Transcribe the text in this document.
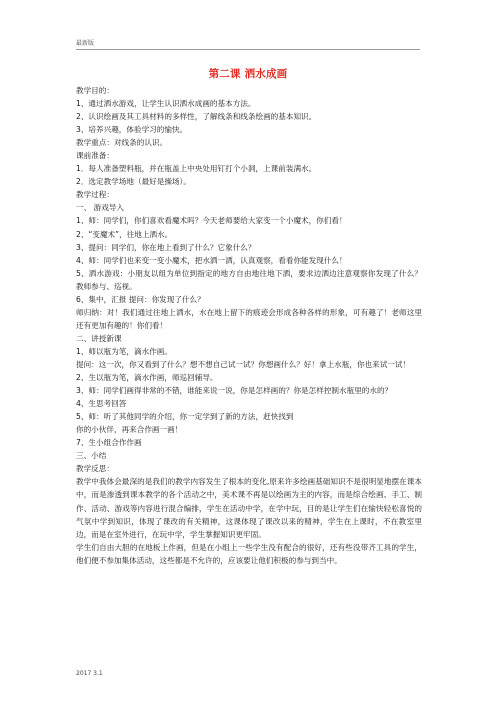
最新版
第二课 洒水成画
教学目的：
1、通过洒水游戏，让学生认识洒水成画的基本方法。
2、认识绘画及其工具材料的多样性，了解线条和线条绘画的基本知识。
3、培养兴趣，体验学习的愉快。
教学重点：对线条的认识。
课前准备：
1．每人准备塑料瓶，并在瓶盖上中央处用钉打个小洞，上课前装满水。
2．选定教学场地（最好是操场）。
教学过程：
一、 游戏导入
1、师：同学们，你们喜欢看魔术吗？今天老师要给大家变一个小魔术，你们看！
2、“变魔术”，往地上洒水。
3、提问：同学们，你在地上看到了什么？它象什么？
4、师：同学们也来变一变小魔术，把水洒一洒，认真观察，看看你能发现什么！
5、洒水游戏：小朋友以组为单位到指定的地方自由地往地下洒，要求边洒边注意观察你发现了什么？教师参与、巡视。
6、集中，汇报 提问：你发现了什么？
师归纳：对！我们通过往地上洒水，水在地上留下的痕迹会形成各种各样的形象，可有趣了！老师这里还有更加有趣的！你们看！
二、讲授新课
1、师以瓶为笔，滴水作画。
提问：这一次，你又看到了什么？想不想自己试一试？你想画什么？好！拿上水瓶，你也来试一试！
2、生以瓶为笔，滴水作画，师巡回辅导。
3、师：同学们画得非常的不错，谁能来说一说，你是怎样画的？你是怎样控制水瓶里的水的？
4、生思考回答
5、师：听了其他同学的介绍，你一定学到了新的方法，赶快找到
你的小伙伴，再来合作画一画！
7、生小组合作作画
三、小结
教学反思：
教学中我体会最深的是我们的教学内容发生了根本的变化,原来许多绘画基础知识不是很明显地摆在课本中，而是渗透到课本教学的各个活动之中，美术课不再是以绘画为主的内容，而是综合绘画、手工、制作、活动、游戏等内容进行混合编排，学生在活动中学，在学中玩，目的是让学生们在愉快轻松喜悦的气氛中学到知识，体现了课改的有关精神，这课体现了课改以来的精神，学生在上课时，不在教室里边，而是在室外进行，在玩中学，学生掌握知识更牢固。
学生们自由大胆的在地板上作画，但是在小组上一些学生没有配合的很好，还有些没带齐工具的学生，他们便不参加集体活动，这些都是不允许的，应该要让他们积极的参与到当中。
2017 3.1
